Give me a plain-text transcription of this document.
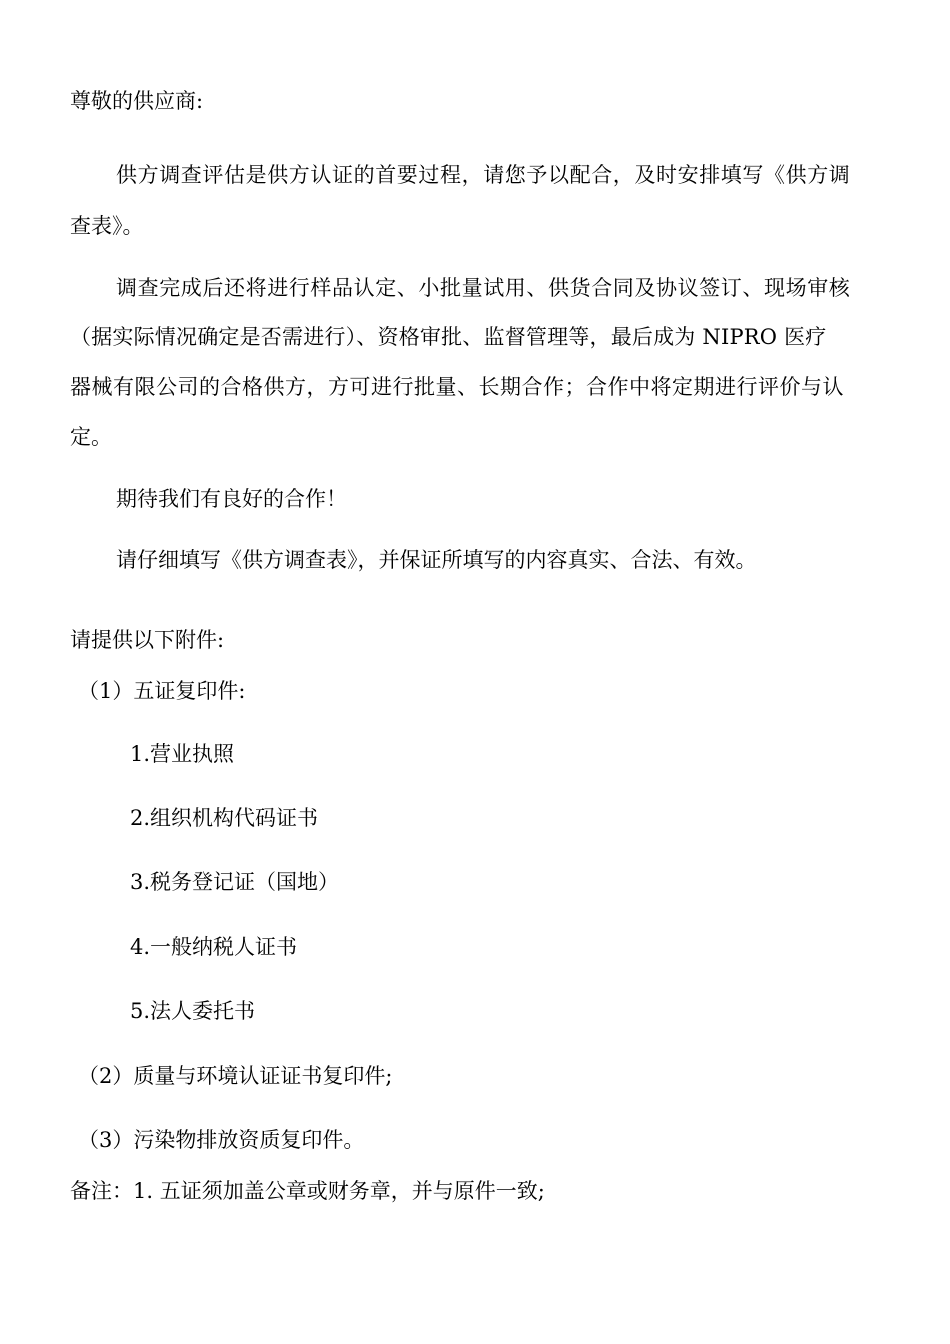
尊敬的供应商:

供方调查评估是供方认证的首要过程，请您予以配合，及时安排填写《供方调

查表》。

调查完成后还将进行样品认定、小批量试用、供货合同及协议签订、现场审核

（据实际情况确定是否需进行）、资格审批、监督管理等，最后成为 NIPRO 医疗

器械有限公司的合格供方，方可进行批量、长期合作；合作中将定期进行评价与认

定。

期待我们有良好的合作！

请仔细填写《供方调查表》，并保证所填写的内容真实、合法、有效。

请提供以下附件:

（1）五证复印件:

1.营业执照

2.组织机构代码证书

3.税务登记证（国地）

4.一般纳税人证书

5.法人委托书

（2）质量与环境认证证书复印件;

（3）污染物排放资质复印件。

备注：1. 五证须加盖公章或财务章，并与原件一致;
